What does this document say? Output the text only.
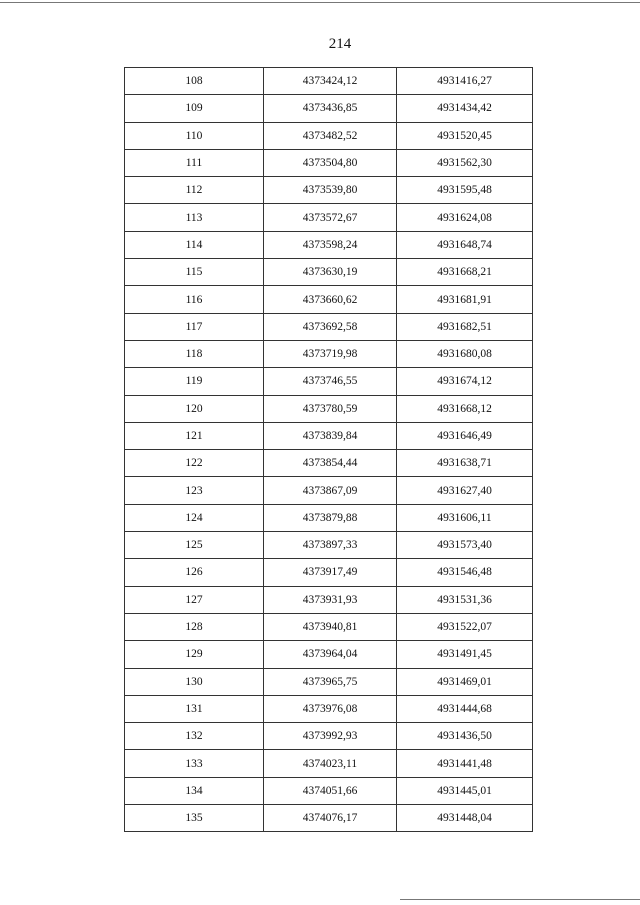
214
108	4373424,12	4931416,27
109	4373436,85	4931434,42
110	4373482,52	4931520,45
111	4373504,80	4931562,30
112	4373539,80	4931595,48
113	4373572,67	4931624,08
114	4373598,24	4931648,74
115	4373630,19	4931668,21
116	4373660,62	4931681,91
117	4373692,58	4931682,51
118	4373719,98	4931680,08
119	4373746,55	4931674,12
120	4373780,59	4931668,12
121	4373839,84	4931646,49
122	4373854,44	4931638,71
123	4373867,09	4931627,40
124	4373879,88	4931606,11
125	4373897,33	4931573,40
126	4373917,49	4931546,48
127	4373931,93	4931531,36
128	4373940,81	4931522,07
129	4373964,04	4931491,45
130	4373965,75	4931469,01
131	4373976,08	4931444,68
132	4373992,93	4931436,50
133	4374023,11	4931441,48
134	4374051,66	4931445,01
135	4374076,17	4931448,04
